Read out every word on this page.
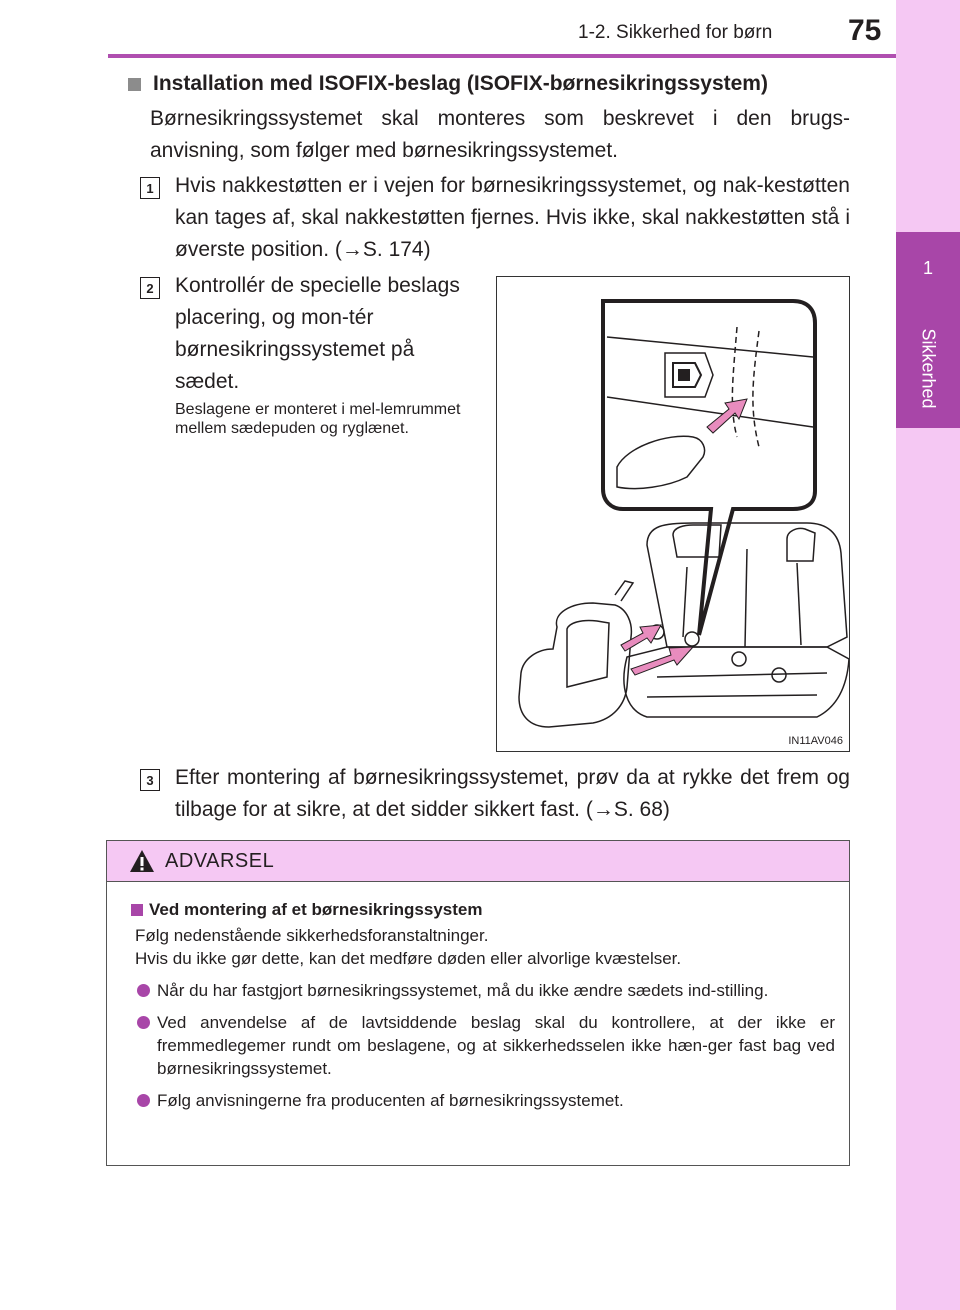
1-2. Sikkerhed for børn	75
1
Sikkerhed
Installation med ISOFIX-beslag (ISOFIX-børnesikringssystem)
Børnesikringssystemet skal monteres som beskrevet i den brugs-anvisning, som følger med børnesikringssystemet.
1	Hvis nakkestøtten er i vejen for børnesikringssystemet, og nak-kestøtten kan tages af, skal nakkestøtten fjernes. Hvis ikke, skal nakkestøtten stå i øverste position. (→S. 174)
2	Kontrollér de specielle beslags placering, og mon-tér børnesikringssystemet på sædet.
Beslagene er monteret i mel-lemrummet mellem sædepuden og ryglænet.
IN11AV046
3	Efter montering af børnesikringssystemet, prøv da at rykke det frem og tilbage for at sikre, at det sidder sikkert fast. (→S. 68)
ADVARSEL
Ved montering af et børnesikringssystem
Følg nedenstående sikkerhedsforanstaltninger.
Hvis du ikke gør dette, kan det medføre døden eller alvorlige kvæstelser.
Når du har fastgjort børnesikringssystemet, må du ikke ændre sædets ind-stilling.
Ved anvendelse af de lavtsiddende beslag skal du kontrollere, at der ikke er fremmedlegemer rundt om beslagene, og at sikkerhedsselen ikke hæn-ger fast bag ved børnesikringssystemet.
Følg anvisningerne fra producenten af børnesikringssystemet.
